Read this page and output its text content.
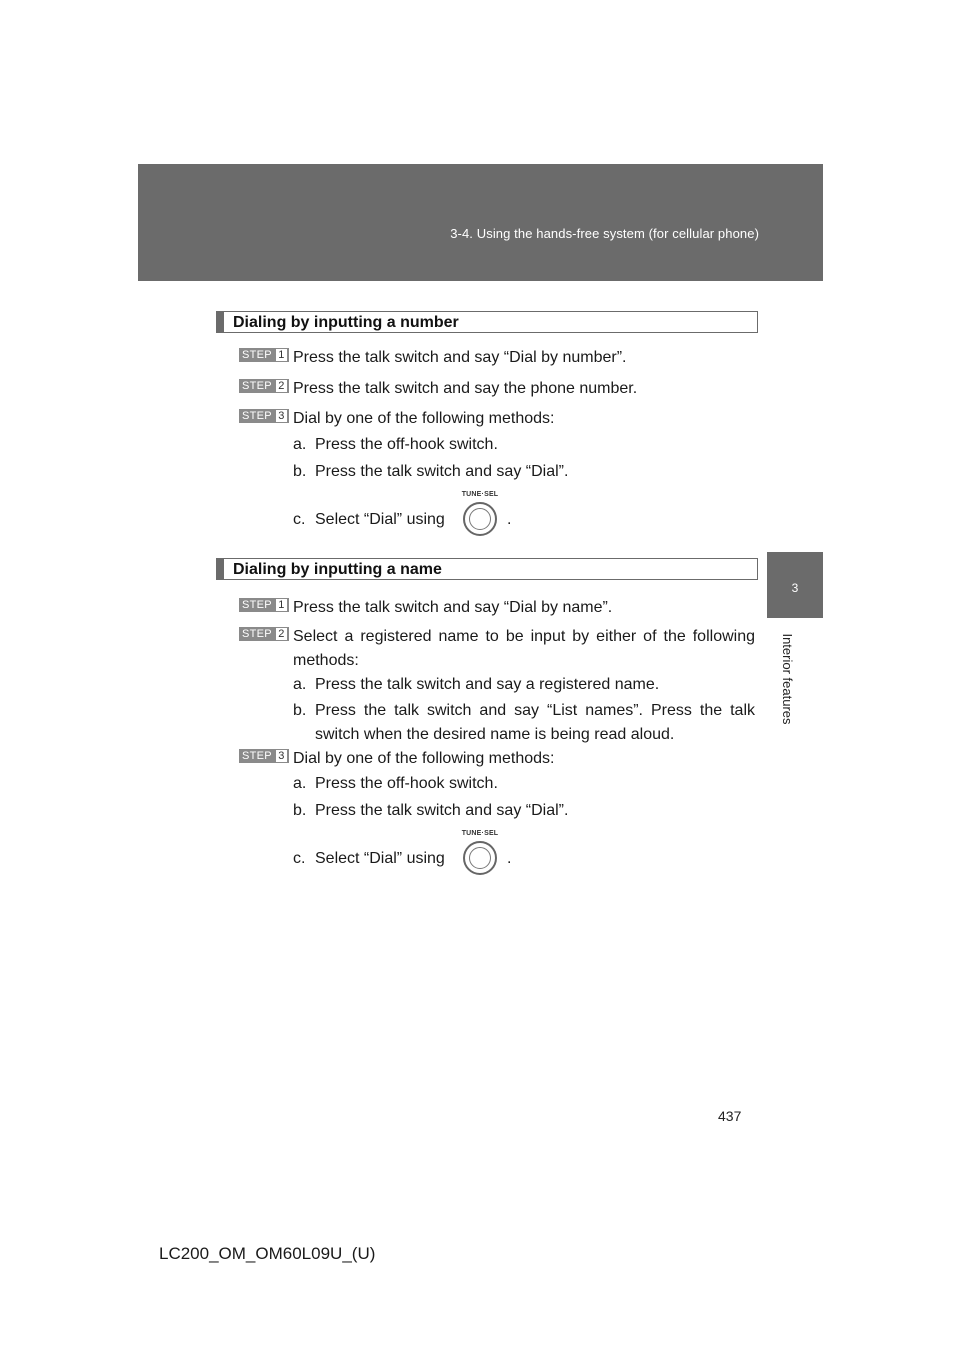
3-4. Using the hands-free system (for cellular phone)
3
Interior features
Dialing by inputting a number
STEP 1 Press the talk switch and say “Dial by number”.
STEP 2 Press the talk switch and say the phone number.
STEP 3 Dial by one of the following methods:
a. Press the off-hook switch.
b. Press the talk switch and say “Dial”.
c. Select “Dial” using	.
TUNE·SEL
Dialing by inputting a name
STEP 1 Press the talk switch and say “Dial by name”.
STEP 2 Select a registered name to be input by either of the following methods:
a. Press the talk switch and say a registered name.
b. Press the talk switch and say “List names”. Press the talk switch when the desired name is being read aloud.
STEP 3 Dial by one of the following methods:
a. Press the off-hook switch.
b. Press the talk switch and say “Dial”.
c. Select “Dial” using	.
TUNE·SEL
437
LC200_OM_OM60L09U_(U)
